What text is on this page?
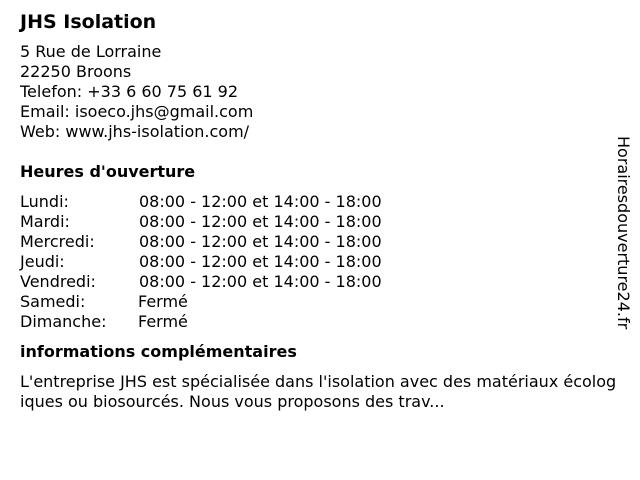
JHS Isolation
5 Rue de Lorraine
22250 Broons
Telefon: +33 6 60 75 61 92
Email: isoeco.jhs@gmail.com
Web: www.jhs-isolation.com/
Heures d'ouverture
Lundi:	08:00 - 12:00 et 14:00 - 18:00
Mardi:	08:00 - 12:00 et 14:00 - 18:00
Mercredi:	08:00 - 12:00 et 14:00 - 18:00
Jeudi:	08:00 - 12:00 et 14:00 - 18:00
Vendredi:	08:00 - 12:00 et 14:00 - 18:00
Samedi:	Fermé
Dimanche:	Fermé
informations complémentaires
L'entreprise JHS est spécialisée dans l'isolation avec des matériaux écologiques ou biosourcés. Nous vous proposons des trav...
Horairesdouverture24.fr
